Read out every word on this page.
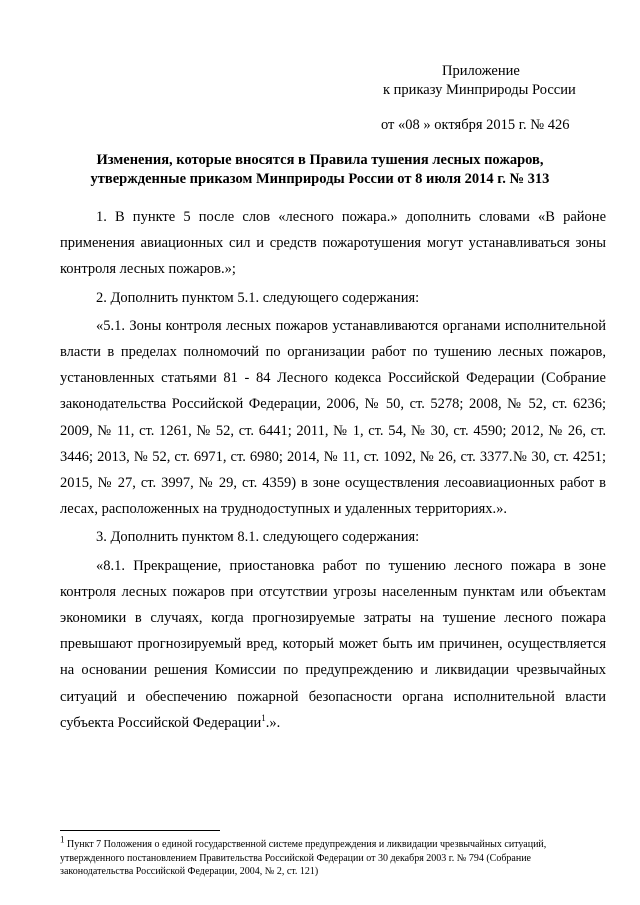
Приложение
к приказу Минприроды России
от «08 » октября 2015 г. № 426
Изменения, которые вносятся в Правила тушения лесных пожаров,
утвержденные приказом Минприроды России от 8 июля 2014 г. № 313

1. В пункте 5 после слов «лесного пожара.» дополнить словами «В районе применения авиационных сил и средств пожаротушения могут устанавливаться зоны контроля лесных пожаров.»;

2. Дополнить пунктом 5.1. следующего содержания:

«5.1. Зоны контроля лесных пожаров устанавливаются органами исполнительной власти в пределах полномочий по организации работ по тушению лесных пожаров, установленных статьями 81 - 84 Лесного кодекса Российской Федерации (Собрание законодательства Российской Федерации, 2006, № 50, ст. 5278; 2008, № 52, ст. 6236; 2009, № 11, ст. 1261, № 52, ст. 6441; 2011, № 1, ст. 54, № 30, ст. 4590; 2012, № 26, ст. 3446; 2013, № 52, ст. 6971, ст. 6980; 2014, № 11, ст. 1092, № 26, ст. 3377.№ 30, ст. 4251; 2015, № 27, ст. 3997, № 29, ст. 4359) в зоне осуществления лесоавиационных работ в лесах, расположенных на труднодоступных и удаленных территориях.».

3. Дополнить пунктом 8.1. следующего содержания:

«8.1. Прекращение, приостановка работ по тушению лесного пожара в зоне контроля лесных пожаров при отсутствии угрозы населенным пунктам или объектам экономики в случаях, когда прогнозируемые затраты на тушение лесного пожара превышают прогнозируемый вред, который может быть им причинен, осуществляется на основании решения Комиссии по предупреждению и ликвидации чрезвычайных ситуаций и обеспечению пожарной безопасности органа исполнительной власти субъекта Российской Федерации$^1$.».

$^1$ Пункт 7 Положения о единой государственной системе предупреждения и ликвидации чрезвычайных ситуаций, утвержденного постановлением Правительства Российской Федерации от 30 декабря 2003 г. № 794 (Собрание законодательства Российской Федерации, 2004, № 2, ст. 121)
